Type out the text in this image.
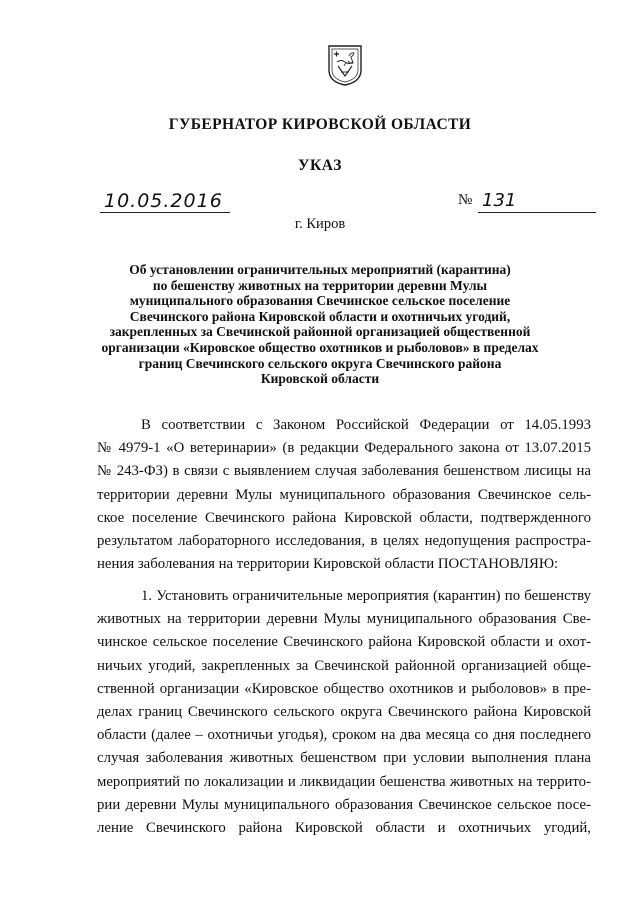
ГУБЕРНАТОР КИРОВСКОЙ ОБЛАСТИ
УКАЗ
10.05.2016	№ 131
г. Киров
Об установлении ограничительных мероприятий (карантина)
по бешенству животных на территории деревни Мулы
муниципального образования Свечинское сельское поселение
Свечинского района Кировской области и охотничьих угодий,
закрепленных за Свечинской районной организацией общественной
организации «Кировское общество охотников и рыболовов» в пределах
границ Свечинского сельского округа Свечинского района
Кировской области
В соответствии с Законом Российской Федерации от 14.05.1993
№ 4979-1 «О ветеринарии» (в редакции Федерального закона от 13.07.2015
№ 243-ФЗ) в связи с выявлением случая заболевания бешенством лисицы на
территории деревни Мулы муниципального образования Свечинское сель-
ское поселение Свечинского района Кировской области, подтвержденного
результатом лабораторного исследования, в целях недопущения распростра-
нения заболевания на территории Кировской области ПОСТАНОВЛЯЮ:
1. Установить ограничительные мероприятия (карантин) по бешенству
животных на территории деревни Мулы муниципального образования Све-
чинское сельское поселение Свечинского района Кировской области и охот-
ничьих угодий, закрепленных за Свечинской районной организацией обще-
ственной организации «Кировское общество охотников и рыболовов» в пре-
делах границ Свечинского сельского округа Свечинского района Кировской
области (далее – охотничьи угодья), сроком на два месяца со дня последнего
случая заболевания животных бешенством при условии выполнения плана
мероприятий по локализации и ликвидации бешенства животных на террито-
рии деревни Мулы муниципального образования Свечинское сельское посе-
ление Свечинского района Кировской области и охотничьих угодий,
